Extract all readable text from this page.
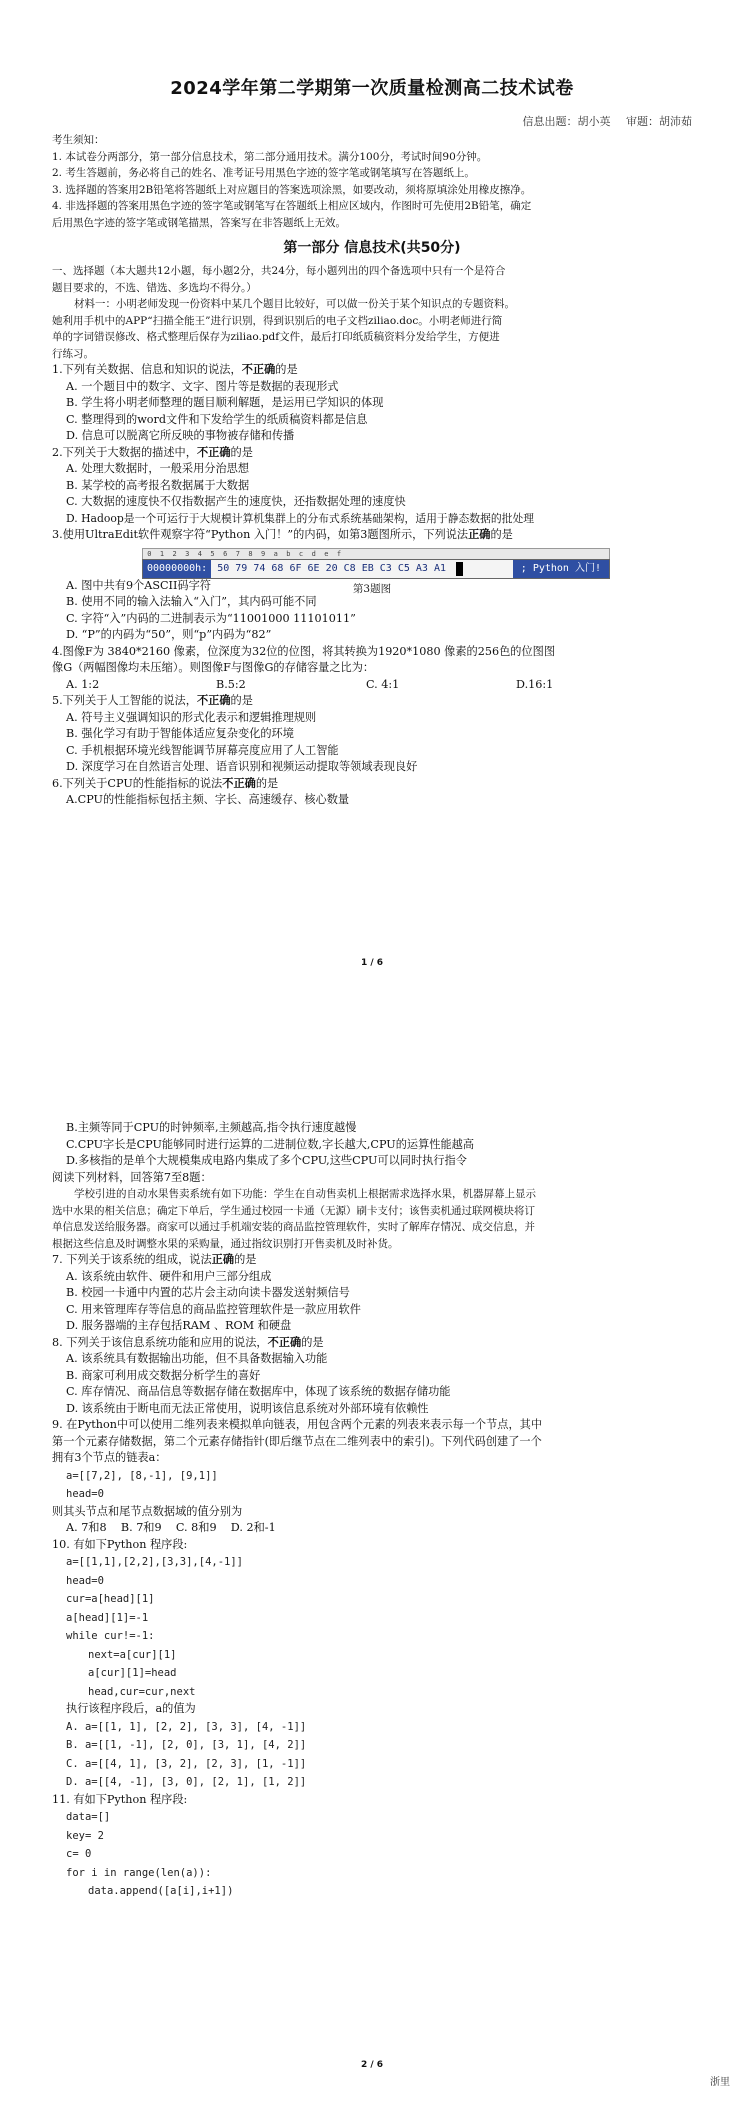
2024学年第二学期第一次质量检测高二技术试卷
信息出题：胡小英 审题：胡沛茹
考生须知：
1. 本试卷分两部分，第一部分信息技术，第二部分通用技术。满分100分，考试时间90分钟。
2. 考生答题前，务必将自己的姓名、准考证号用黑色字迹的签字笔或钢笔填写在答题纸上。
3. 选择题的答案用2B铅笔将答题纸上对应题目的答案选项涂黑，如要改动，须将原填涂处用橡皮擦净。
4. 非选择题的答案用黑色字迹的签字笔或钢笔写在答题纸上相应区域内，作图时可先使用2B铅笔，确定
后用黑色字迹的签字笔或钢笔描黑，答案写在非答题纸上无效。
第一部分 信息技术(共50分)
一、选择题（本大题共12小题，每小题2分，共24分，每小题列出的四个备选项中只有一个是符合
题目要求的，不选、错选、多选均不得分。）
材料一：小明老师发现一份资料中某几个题目比较好，可以做一份关于某个知识点的专题资料。
她利用手机中的APP“扫描全能王”进行识别，得到识别后的电子文档ziliao.doc。小明老师进行简
单的字词错误修改、格式整理后保存为ziliao.pdf文件，最后打印纸质稿资料分发给学生，方便进
行练习。
1.下列有关数据、信息和知识的说法，不正确的是
A. 一个题目中的数字、文字、图片等是数据的表现形式
B. 学生将小明老师整理的题目顺利解题，是运用已学知识的体现
C. 整理得到的word文件和下发给学生的纸质稿资料都是信息
D. 信息可以脱离它所反映的事物被存储和传播
2.下列关于大数据的描述中，不正确的是
A. 处理大数据时，一般采用分治思想
B. 某学校的高考报名数据属于大数据
C. 大数据的速度快不仅指数据产生的速度快，还指数据处理的速度快
D. Hadoop是一个可运行于大规模计算机集群上的分布式系统基础架构，适用于静态数据的批处理
3.使用UltraEdit软件观察字符“Python 入门！”的内码，如第3题图所示，下列说法正确的是
0  1  2  3  4  5  6  7  8  9  a  b  c  d  e  f
00000000h:	50 79 74 68 6F 6E 20 C8 EB C3 C5 A3 A1	; Python 入门!
第3题图
A. 图中共有9个ASCII码字符
B. 使用不同的输入法输入“入门”，其内码可能不同
C. 字符“入”内码的二进制表示为“11001000 11101011”
D. “P”的内码为“50”，则“p”内码为“82”
4.图像F为 3840*2160 像素，位深度为32位的位图，将其转换为1920*1080 像素的256色的位图图
像G（两幅图像均未压缩）。则图像F与图像G的存储容量之比为：
A. 1:2	B.5:2	C. 4:1	D.16:1
5.下列关于人工智能的说法，不正确的是
A. 符号主义强调知识的形式化表示和逻辑推理规则
B. 强化学习有助于智能体适应复杂变化的环境
C. 手机根据环境光线智能调节屏幕亮度应用了人工智能
D. 深度学习在自然语言处理、语音识别和视频运动提取等领域表现良好
6.下列关于CPU的性能指标的说法不正确的是
A.CPU的性能指标包括主频、字长、高速缓存、核心数量
1 / 6
B.主频等同于CPU的时钟频率,主频越高,指令执行速度越慢
C.CPU字长是CPU能够同时进行运算的二进制位数,字长越大,CPU的运算性能越高
D.多核指的是单个大规模集成电路内集成了多个CPU,这些CPU可以同时执行指令
阅读下列材料，回答第7至8题：
学校引进的自动水果售卖系统有如下功能：学生在自动售卖机上根据需求选择水果，机器屏幕上显示
选中水果的相关信息；确定下单后，学生通过校园一卡通（无源）刷卡支付；该售卖机通过联网模块将订
单信息发送给服务器。商家可以通过手机端安装的商品监控管理软件，实时了解库存情况、成交信息，并
根据这些信息及时调整水果的采购量，通过指纹识别打开售卖机及时补货。
7. 下列关于该系统的组成，说法正确的是
A. 该系统由软件、硬件和用户三部分组成
B. 校园一卡通中内置的芯片会主动向读卡器发送射频信号
C. 用来管理库存等信息的商品监控管理软件是一款应用软件
D. 服务器端的主存包括RAM 、ROM 和硬盘
8. 下列关于该信息系统功能和应用的说法，不正确的是
A. 该系统具有数据输出功能，但不具备数据输入功能
B. 商家可利用成交数据分析学生的喜好
C. 库存情况、商品信息等数据存储在数据库中，体现了该系统的数据存储功能
D. 该系统由于断电而无法正常使用，说明该信息系统对外部环境有依赖性
9. 在Python中可以使用二维列表来模拟单向链表，用包含两个元素的列表来表示每一个节点，其中
第一个元素存储数据，第二个元素存储指针(即后继节点在二维列表中的索引)。下列代码创建了一个
拥有3个节点的链表a：
a=[[7,2], [8,-1], [9,1]]
head=0
则其头节点和尾节点数据域的值分别为
A. 7和8 B. 7和9 C. 8和9 D. 2和-1
10. 有如下Python 程序段:
a=[[1,1],[2,2],[3,3],[4,-1]]
head=0
cur=a[head][1]
a[head][1]=-1
while cur!=-1:
next=a[cur][1]
a[cur][1]=head
head,cur=cur,next
执行该程序段后，a的值为
A. a=[[1, 1], [2, 2], [3, 3], [4, -1]]
B. a=[[1, -1], [2, 0], [3, 1], [4, 2]]
C. a=[[4, 1], [3, 2], [2, 3], [1, -1]]
D. a=[[4, -1], [3, 0], [2, 1], [1, 2]]
11. 有如下Python 程序段:
data=[]
key= 2
c= 0
for i in range(len(a)):
data.append([a[i],i+1])
2 / 6
浙里
